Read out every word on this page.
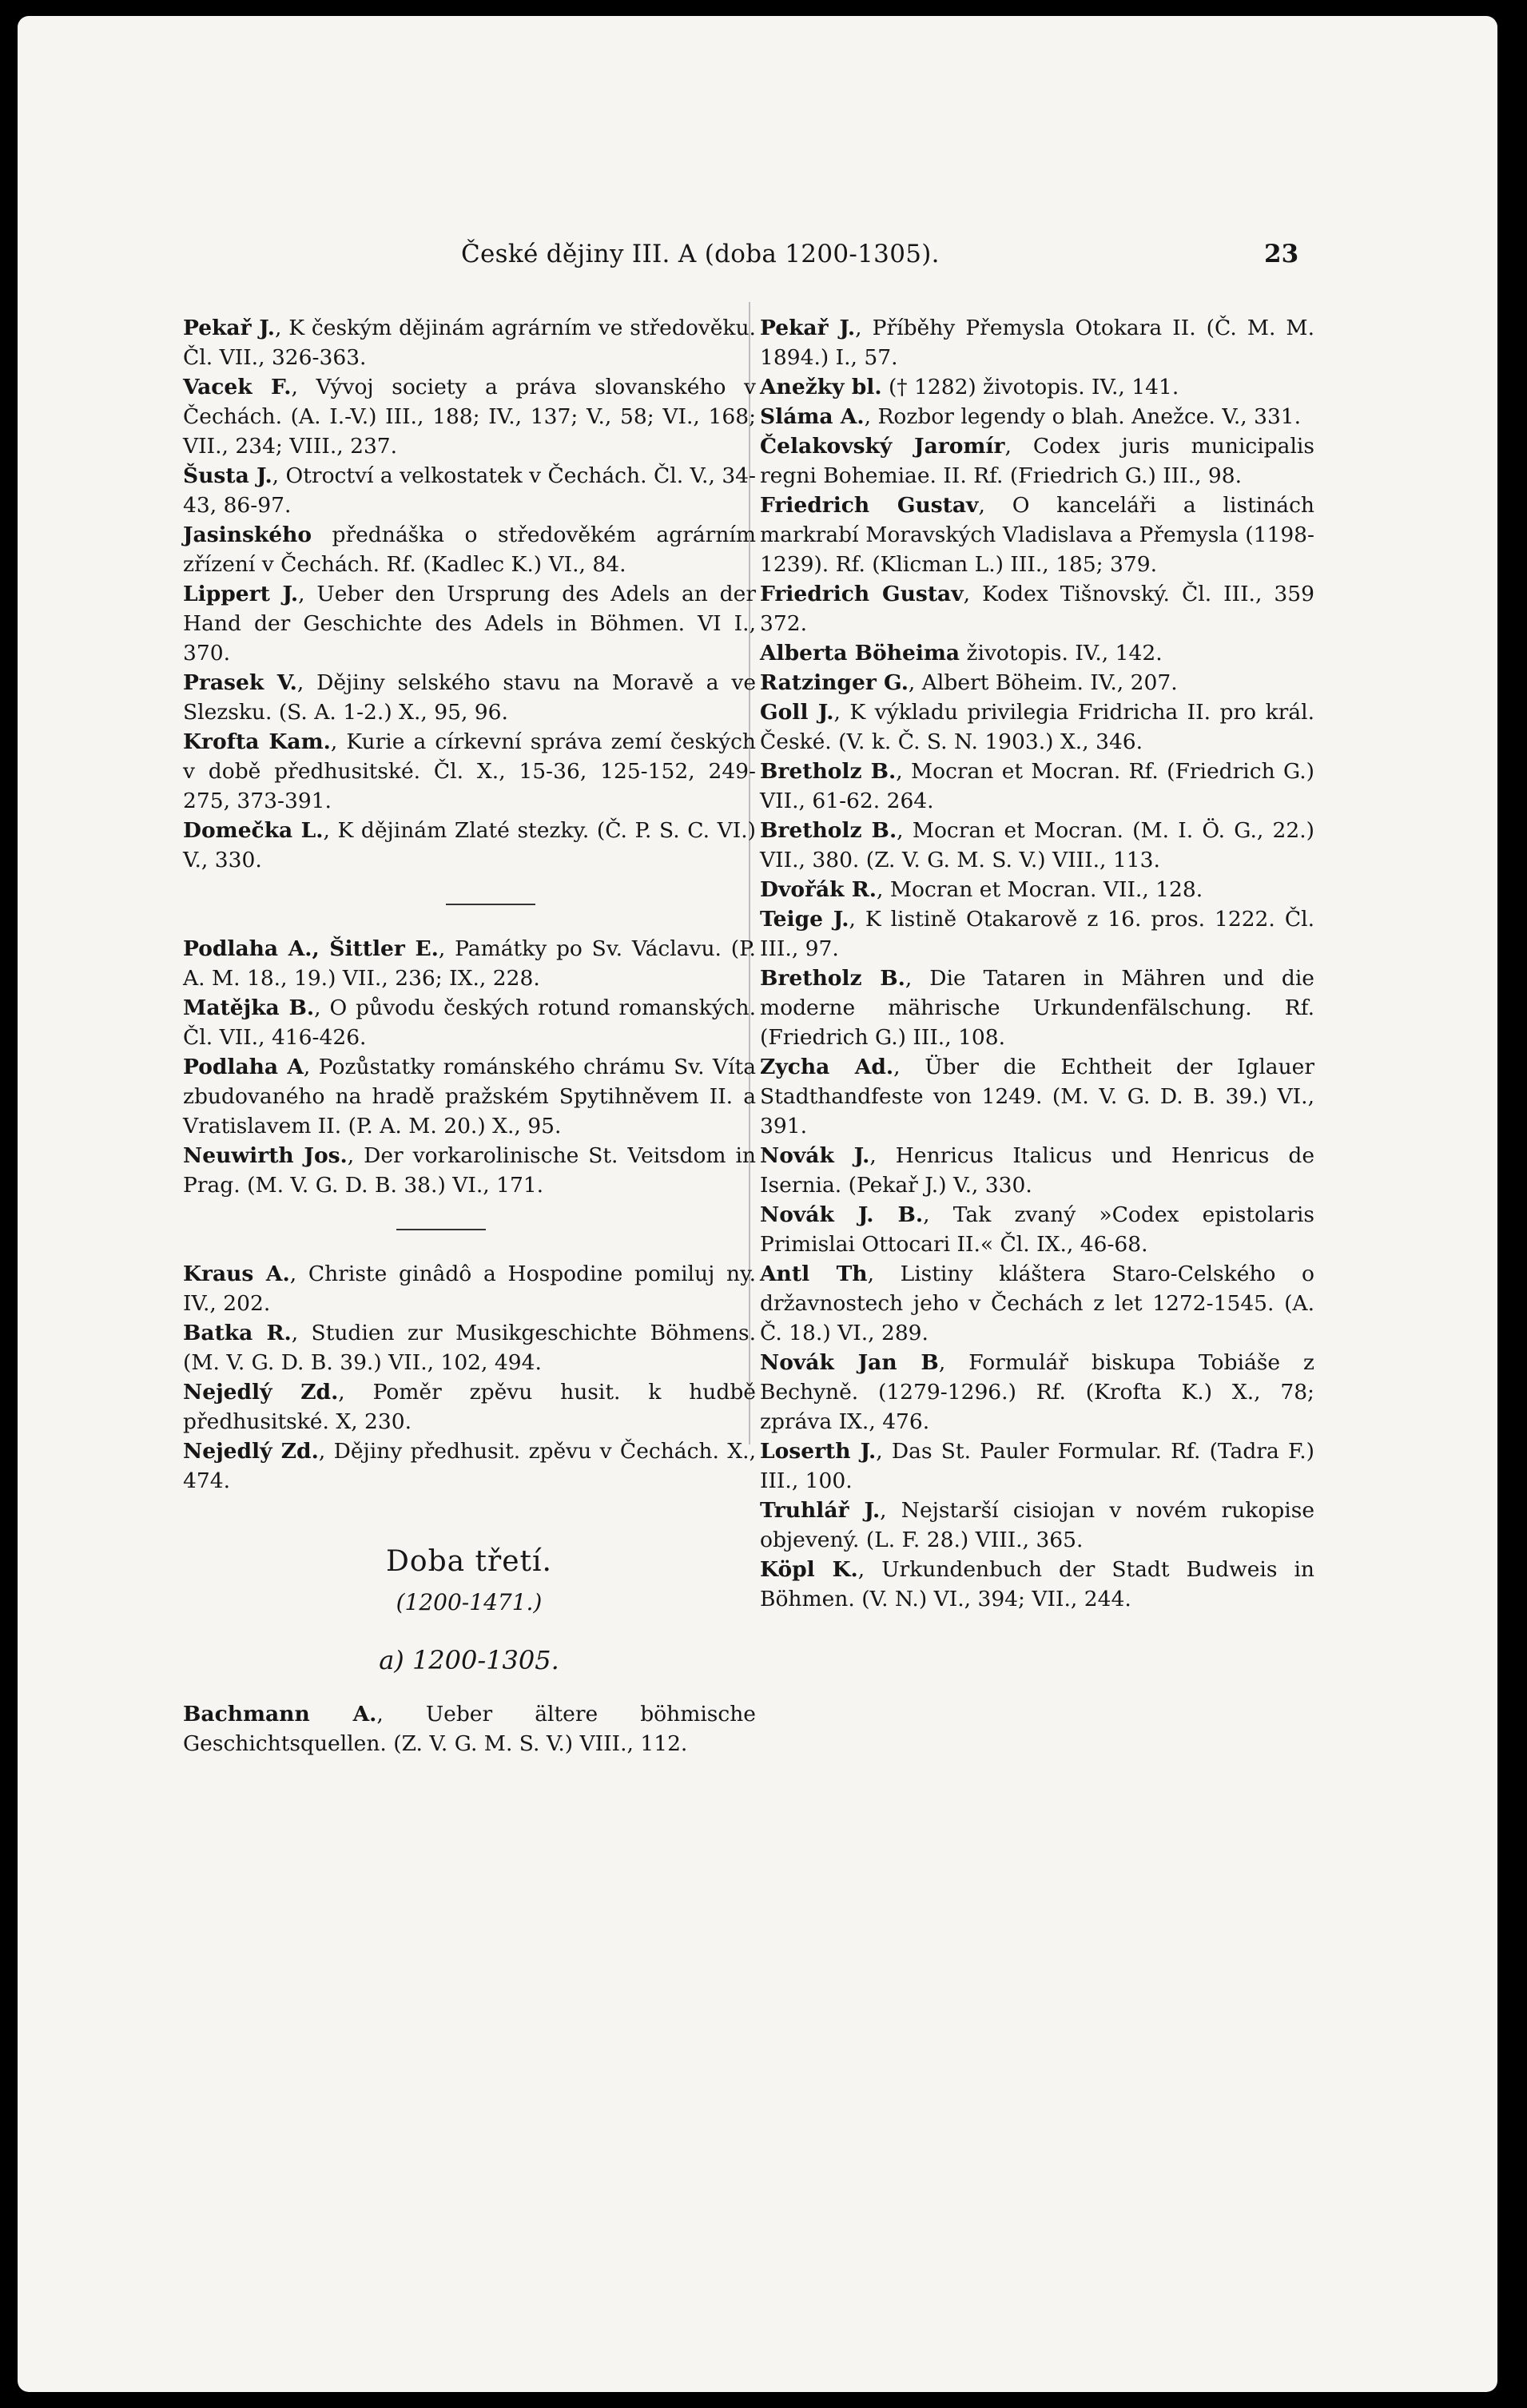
České dějiny III. A (doba 1200-1305).	23

Pekař J., K českým dějinám agrárním ve středověku. Čl. VII., 326-363.

Vacek F., Vývoj society a práva slovanského v Čechách. (A. I.-V.) III., 188; IV., 137; V., 58; VI., 168; VII., 234; VIII., 237.

Šusta J., Otroctví a velkostatek v Čechách. Čl. V., 34-43, 86-97.

Jasinského přednáška o středověkém agrárním zřízení v Čechách. Rf. (Kadlec K.) VI., 84.

Lippert J., Ueber den Ursprung des Adels an der Hand der Geschichte des Adels in Böhmen. VI I., 370.

Prasek V., Dějiny selského stavu na Moravě a ve Slezsku. (S. A. 1-2.) X., 95, 96.

Krofta Kam., Kurie a církevní správa zemí českých v době předhusitské. Čl. X., 15-36, 125-152, 249-275, 373-391.

Domečka L., K dějinám Zlaté stezky. (Č. P. S. C. VI.) V., 330.

Podlaha A., Šittler E., Památky po Sv. Václavu. (P. A. M. 18., 19.) VII., 236; IX., 228.

Matějka B., O původu českých rotund romanských. Čl. VII., 416-426.

Podlaha A, Pozůstatky románského chrámu Sv. Víta zbudovaného na hradě pražském Spytihněvem II. a Vratislavem II. (P. A. M. 20.) X., 95.

Neuwirth Jos., Der vorkarolinische St. Veitsdom in Prag. (M. V. G. D. B. 38.) VI., 171.

Kraus A., Christe ginâdô a Hospodine pomiluj ny. IV., 202.

Batka R., Studien zur Musikgeschichte Böhmens. (M. V. G. D. B. 39.) VII., 102, 494.

Nejedlý Zd., Poměr zpěvu husit. k hudbě předhusitské. X, 230.

Nejedlý Zd., Dějiny předhusit. zpěvu v Čechách. X., 474.

Doba třetí.
(1200-1471.)
a) 1200-1305.

Bachmann A., Ueber ältere böhmische Geschichtsquellen. (Z. V. G. M. S. V.) VIII., 112.

Pekař J., Příběhy Přemysla Otokara II. (Č. M. M. 1894.) I., 57.

Anežky bl. († 1282) životopis. IV., 141.

Sláma A., Rozbor legendy o blah. Anežce. V., 331.

Čelakovský Jaromír, Codex juris municipalis regni Bohemiae. II. Rf. (Friedrich G.) III., 98.

Friedrich Gustav, O kanceláři a listinách markrabí Moravských Vladislava a Přemysla (1198-1239). Rf. (Klicman L.) III., 185; 379.

Friedrich Gustav, Kodex Tišnovský. Čl. III., 359 372.

Alberta Böheima životopis. IV., 142.

Ratzinger G., Albert Böheim. IV., 207.

Goll J., K výkladu privilegia Fridricha II. pro král. České. (V. k. Č. S. N. 1903.) X., 346.

Bretholz B., Mocran et Mocran. Rf. (Friedrich G.) VII., 61-62. 264.

Bretholz B., Mocran et Mocran. (M. I. Ö. G., 22.) VII., 380. (Z. V. G. M. S. V.) VIII., 113.

Dvořák R., Mocran et Mocran. VII., 128.

Teige J., K listině Otakarově z 16. pros. 1222. Čl. III., 97.

Bretholz B., Die Tataren in Mähren und die moderne mährische Urkundenfälschung. Rf. (Friedrich G.) III., 108.

Zycha Ad., Über die Echtheit der Iglauer Stadthandfeste von 1249. (M. V. G. D. B. 39.) VI., 391.

Novák J., Henricus Italicus und Henricus de Isernia. (Pekař J.) V., 330.

Novák J. B., Tak zvaný »Codex epistolaris Primislai Ottocari II.« Čl. IX., 46-68.

Antl Th, Listiny kláštera Staro-Celského o državnostech jeho v Čechách z let 1272-1545. (A. Č. 18.) VI., 289.

Novák Jan B, Formulář biskupa Tobiáše z Bechyně. (1279-1296.) Rf. (Krofta K.) X., 78; zpráva IX., 476.

Loserth J., Das St. Pauler Formular. Rf. (Tadra F.) III., 100.

Truhlář J., Nejstarší cisiojan v novém rukopise objevený. (L. F. 28.) VIII., 365.

Köpl K., Urkundenbuch der Stadt Budweis in Böhmen. (V. N.) VI., 394; VII., 244.
